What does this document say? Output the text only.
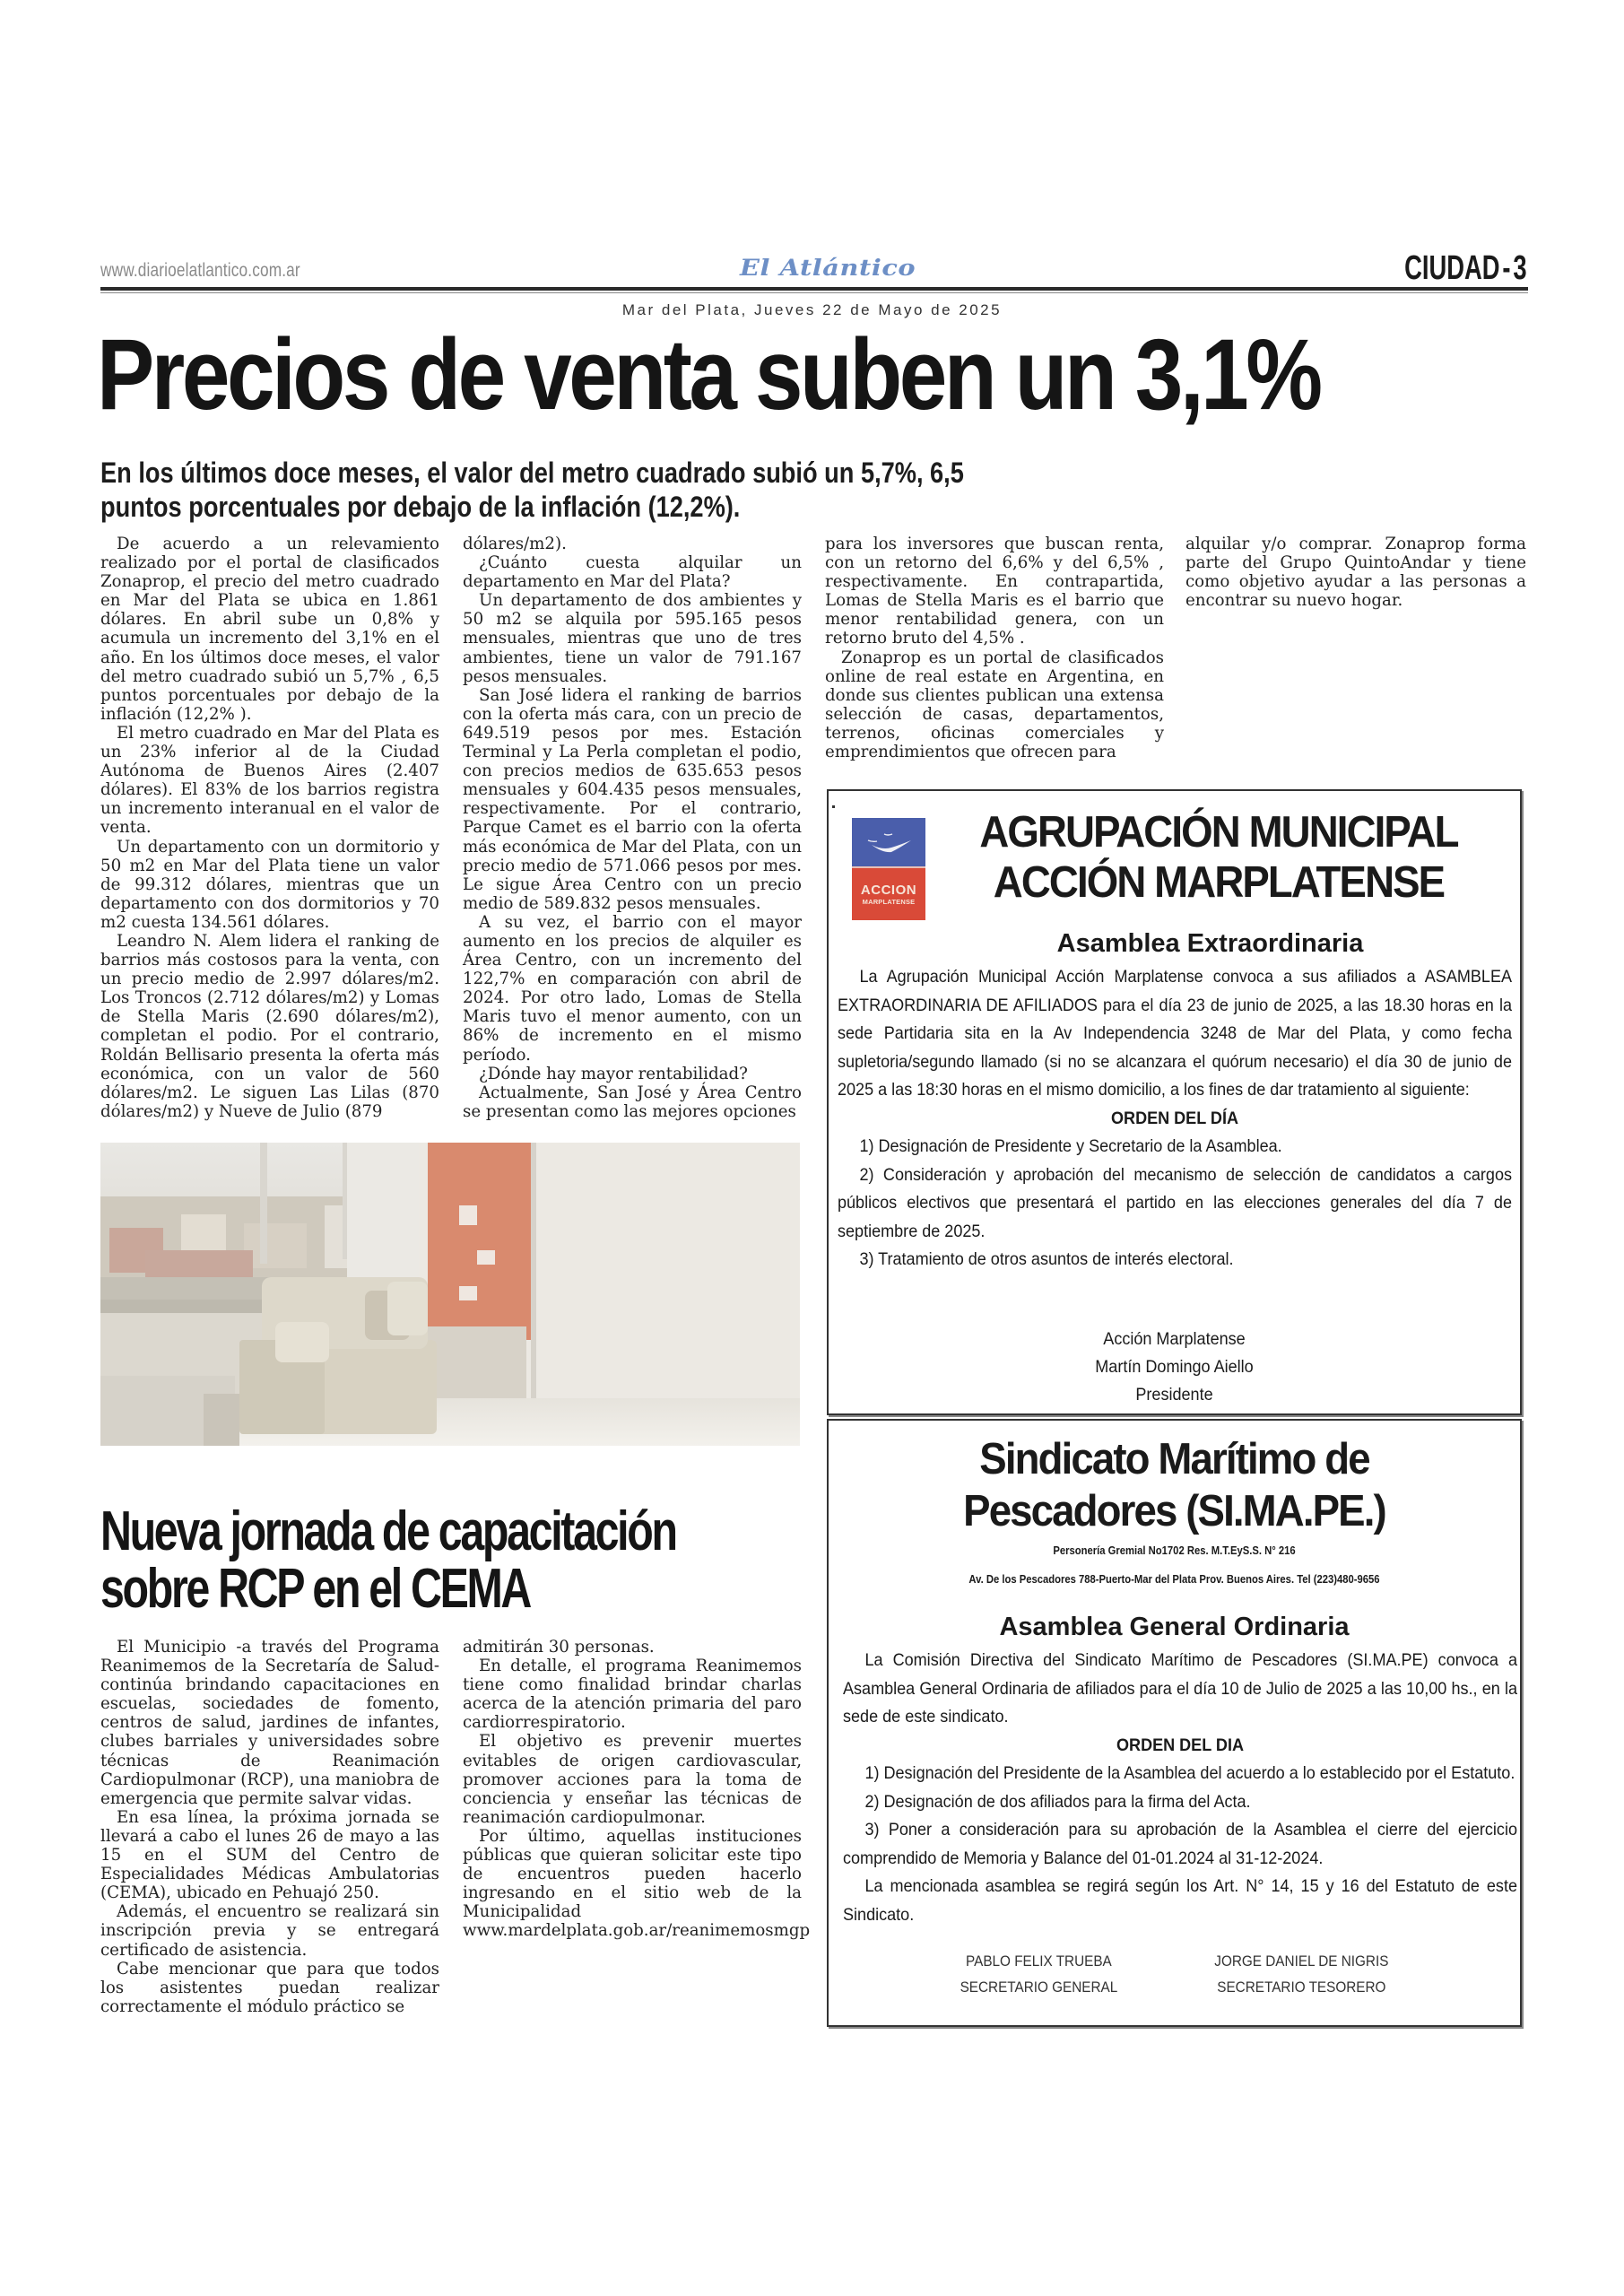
www.diarioelatlantico.com.ar	El Atlántico	CIUDAD-3
Mar del Plata, Jueves 22 de Mayo de 2025
Precios de venta suben un 3,1%
En los últimos doce meses, el valor del metro cuadrado subió un 5,7%, 6,5 puntos porcentuales por debajo de la inflación (12,2%).

De acuerdo a un relevamiento realizado por el portal de clasificados Zonaprop, el precio del metro cuadrado en Mar del Plata se ubica en 1.861 dólares. En abril sube un 0,8% y acumula un incremento del 3,1% en el año. En los últimos doce meses, el valor del metro cuadrado subió un 5,7% , 6,5 puntos porcentuales por debajo de la inflación (12,2% ).

El metro cuadrado en Mar del Plata es un 23% inferior al de la Ciudad Autónoma de Buenos Aires (2.407 dólares). El 83% de los barrios registra un incremento interanual en el valor de venta.

Un departamento con un dormitorio y 50 m2 en Mar del Plata tiene un valor de 99.312 dólares, mientras que un departamento con dos dormitorios y 70 m2 cuesta 134.561 dólares.

Leandro N. Alem lidera el ranking de barrios más costosos para la venta, con un precio medio de 2.997 dólares/m2. Los Troncos (2.712 dólares/m2) y Lomas de Stella Maris (2.690 dólares/m2), completan el podio. Por el contrario, Roldán Bellisario presenta la oferta más económica, con un valor de 560 dólares/m2. Le siguen Las Lilas (870 dólares/m2) y Nueve de Julio (879

dólares/m2).

¿Cuánto cuesta alquilar un departamento en Mar del Plata?

Un departamento de dos ambientes y 50 m2 se alquila por 595.165 pesos mensuales, mientras que uno de tres ambientes, tiene un valor de 791.167 pesos mensuales.

San José lidera el ranking de barrios con la oferta más cara, con un precio de 649.519 pesos por mes. Estación Terminal y La Perla completan el podio, con precios medios de 635.653 pesos mensuales y 604.435 pesos mensuales, respectivamente. Por el contrario, Parque Camet es el barrio con la oferta más económica de Mar del Plata, con un precio medio de 571.066 pesos por mes. Le sigue Área Centro con un precio medio de 589.832 pesos mensuales.

A su vez, el barrio con el mayor aumento en los precios de alquiler es Área Centro, con un incremento del 122,7% en comparación con abril de 2024. Por otro lado, Lomas de Stella Maris tuvo el menor aumento, con un 86% de incremento en el mismo período.

¿Dónde hay mayor rentabilidad?

Actualmente, San José y Área Centro se presentan como las mejores opciones

para los inversores que buscan renta, con un retorno del 6,6% y del 6,5% , respectivamente. En contrapartida, Lomas de Stella Maris es el barrio que menor rentabilidad genera, con un retorno bruto del 4,5% .

Zonaprop es un portal de clasificados online de real estate en Argentina, en donde sus clientes publican una extensa selección de casas, departamentos, terrenos, oficinas comerciales y emprendimientos que ofrecen para

alquilar y/o comprar. Zonaprop forma parte del Grupo QuintoAndar y tiene como objetivo ayudar a las personas a encontrar su nuevo hogar.

Nueva jornada de capacitación
sobre RCP en el CEMA

El Municipio -a través del Programa Reanimemos de la Secretaría de Salud- continúa brindando capacitaciones en escuelas, sociedades de fomento, centros de salud, jardines de infantes, clubes barriales y universidades sobre técnicas de Reanimación Cardiopulmonar (RCP), una maniobra de emergencia que permite salvar vidas.

En esa línea, la próxima jornada se llevará a cabo el lunes 26 de mayo a las 15 en el SUM del Centro de Especialidades Médicas Ambulatorias (CEMA), ubicado en Pehuajó 250.

Además, el encuentro se realizará sin inscripción previa y se entregará certificado de asistencia.

Cabe mencionar que para que todos los asistentes puedan realizar correctamente el módulo práctico se

admitirán 30 personas.

En detalle, el programa Reanimemos tiene como finalidad brindar charlas acerca de la atención primaria del paro cardiorrespiratorio.

El objetivo es prevenir muertes evitables de origen cardiovascular, promover acciones para la toma de conciencia y enseñar las técnicas de reanimación cardiopulmonar.

Por último, aquellas instituciones públicas que quieran solicitar este tipo de encuentros pueden hacerlo ingresando en el sitio web de la Municipalidad www.mardelplata.gob.ar/reanimemosmgp

ACCION
MARPLATENSE
AGRUPACIÓN MUNICIPAL
ACCIÓN MARPLATENSE
Asamblea Extraordinaria

La Agrupación Municipal Acción Marplatense convoca a sus afiliados a ASAMBLEA EXTRAORDINARIA DE AFILIADOS para el día 23 de junio de 2025, a las 18.30 horas en la sede Partidaria sita en la Av Independencia 3248 de Mar del Plata, y como fecha supletoria/segundo llamado (si no se alcanzara el quórum necesario) el día 30 de junio de 2025 a las 18:30 horas en el mismo domicilio, a los fines de dar tratamiento al siguiente:

ORDEN DEL DÍA

1) Designación de Presidente y Secretario de la Asamblea.

2) Consideración y aprobación del mecanismo de selección de candidatos a cargos públicos electivos que presentará el partido en las elecciones generales del día 7 de septiembre de 2025.

3) Tratamiento de otros asuntos de interés electoral.

Acción Marplatense
Martín Domingo Aiello
Presidente
Sindicato Marítimo de
Pescadores (SI.MA.PE.)
Personería Gremial No1702 Res. M.T.EyS.S. N° 216
Av. De los Pescadores 788-Puerto-Mar del Plata Prov. Buenos Aires. Tel (223)480-9656
Asamblea General Ordinaria

La Comisión Directiva del Sindicato Marítimo de Pescadores (SI.MA.PE) convoca a Asamblea General Ordinaria de afiliados para el día 10 de Julio de 2025 a las 10,00 hs., en la sede de este sindicato.

ORDEN DEL DIA

1) Designación del Presidente de la Asamblea del acuerdo a lo establecido por el Estatuto.

2) Designación de dos afiliados para la firma del Acta.

3) Poner a consideración para su aprobación de la Asamblea el cierre del ejercicio comprendido de Memoria y Balance del 01-01.2024 al 31-12-2024.

La mencionada asamblea se regirá según los Art. N° 14, 15 y 16 del Estatuto de este Sindicato.

PABLO FELIX TRUEBA
SECRETARIO GENERAL
JORGE DANIEL DE NIGRIS
SECRETARIO TESORERO
